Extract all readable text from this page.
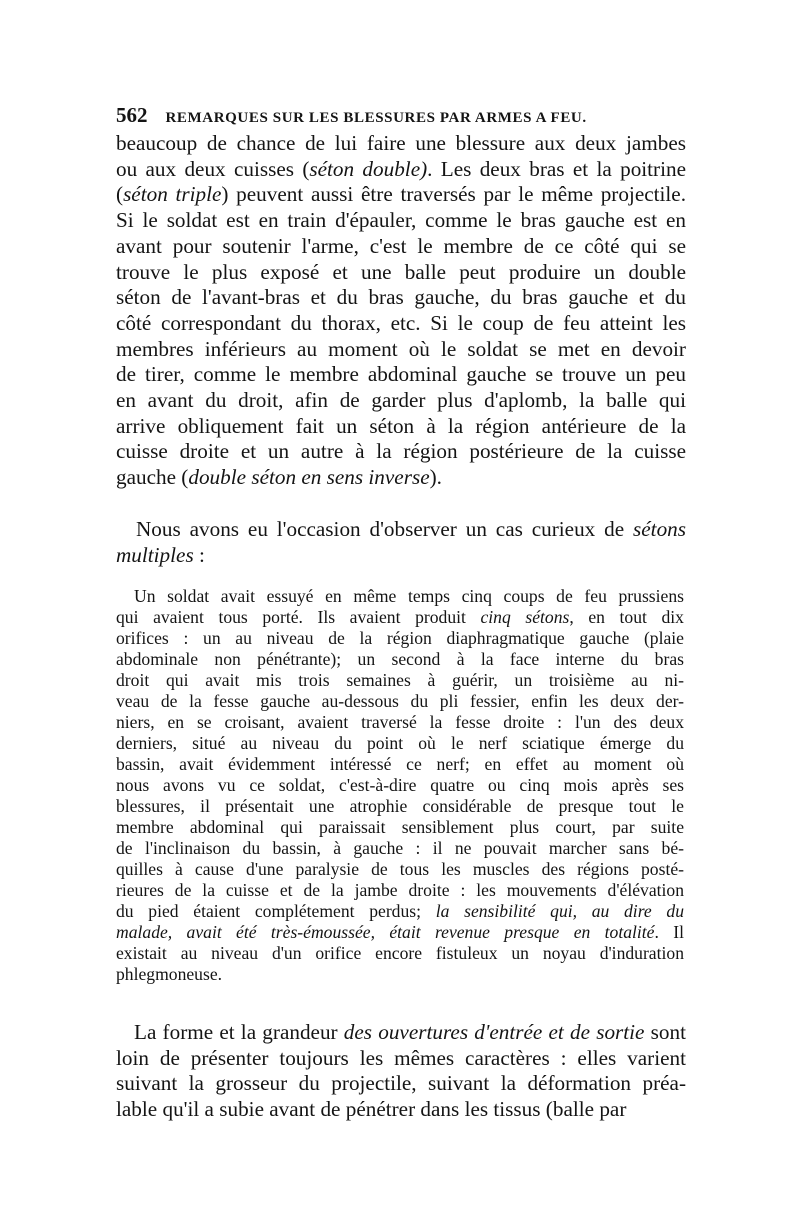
562 REMARQUES SUR LES BLESSURES PAR ARMES A FEU.
beaucoup de chance de lui faire une blessure aux deux jambes
ou aux deux cuisses (séton double). Les deux bras et la poitrine
(séton triple) peuvent aussi être traversés par le même projectile.
Si le soldat est en train d'épauler, comme le bras gauche est en
avant pour soutenir l'arme, c'est le membre de ce côté qui se
trouve le plus exposé et une balle peut produire un double
séton de l'avant-bras et du bras gauche, du bras gauche et du
côté correspondant du thorax, etc. Si le coup de feu atteint les
membres inférieurs au moment où le soldat se met en devoir
de tirer, comme le membre abdominal gauche se trouve un peu
en avant du droit, afin de garder plus d'aplomb, la balle qui
arrive obliquement fait un séton à la région antérieure de la
cuisse droite et un autre à la région postérieure de la cuisse
gauche (double séton en sens inverse).
Nous avons eu l'occasion d'observer un cas curieux de sétons
multiples :
Un soldat avait essuyé en même temps cinq coups de feu prussiens
qui avaient tous porté. Ils avaient produit cinq sétons, en tout dix
orifices : un au niveau de la région diaphragmatique gauche (plaie
abdominale non pénétrante); un second à la face interne du bras
droit qui avait mis trois semaines à guérir, un troisième au ni-
veau de la fesse gauche au-dessous du pli fessier, enfin les deux der-
niers, en se croisant, avaient traversé la fesse droite : l'un des deux
derniers, situé au niveau du point où le nerf sciatique émerge du
bassin, avait évidemment intéressé ce nerf; en effet au moment où
nous avons vu ce soldat, c'est-à-dire quatre ou cinq mois après ses
blessures, il présentait une atrophie considérable de presque tout le
membre abdominal qui paraissait sensiblement plus court, par suite
de l'inclinaison du bassin, à gauche : il ne pouvait marcher sans bé-
quilles à cause d'une paralysie de tous les muscles des régions posté-
rieures de la cuisse et de la jambe droite : les mouvements d'élévation
du pied étaient complétement perdus; la sensibilité qui, au dire du
malade, avait été très-émoussée, était revenue presque en totalité. Il
existait au niveau d'un orifice encore fistuleux un noyau d'induration
phlegmoneuse.
La forme et la grandeur des ouvertures d'entrée et de sortie sont
loin de présenter toujours les mêmes caractères : elles varient
suivant la grosseur du projectile, suivant la déformation préa-
lable qu'il a subie avant de pénétrer dans les tissus (balle par
